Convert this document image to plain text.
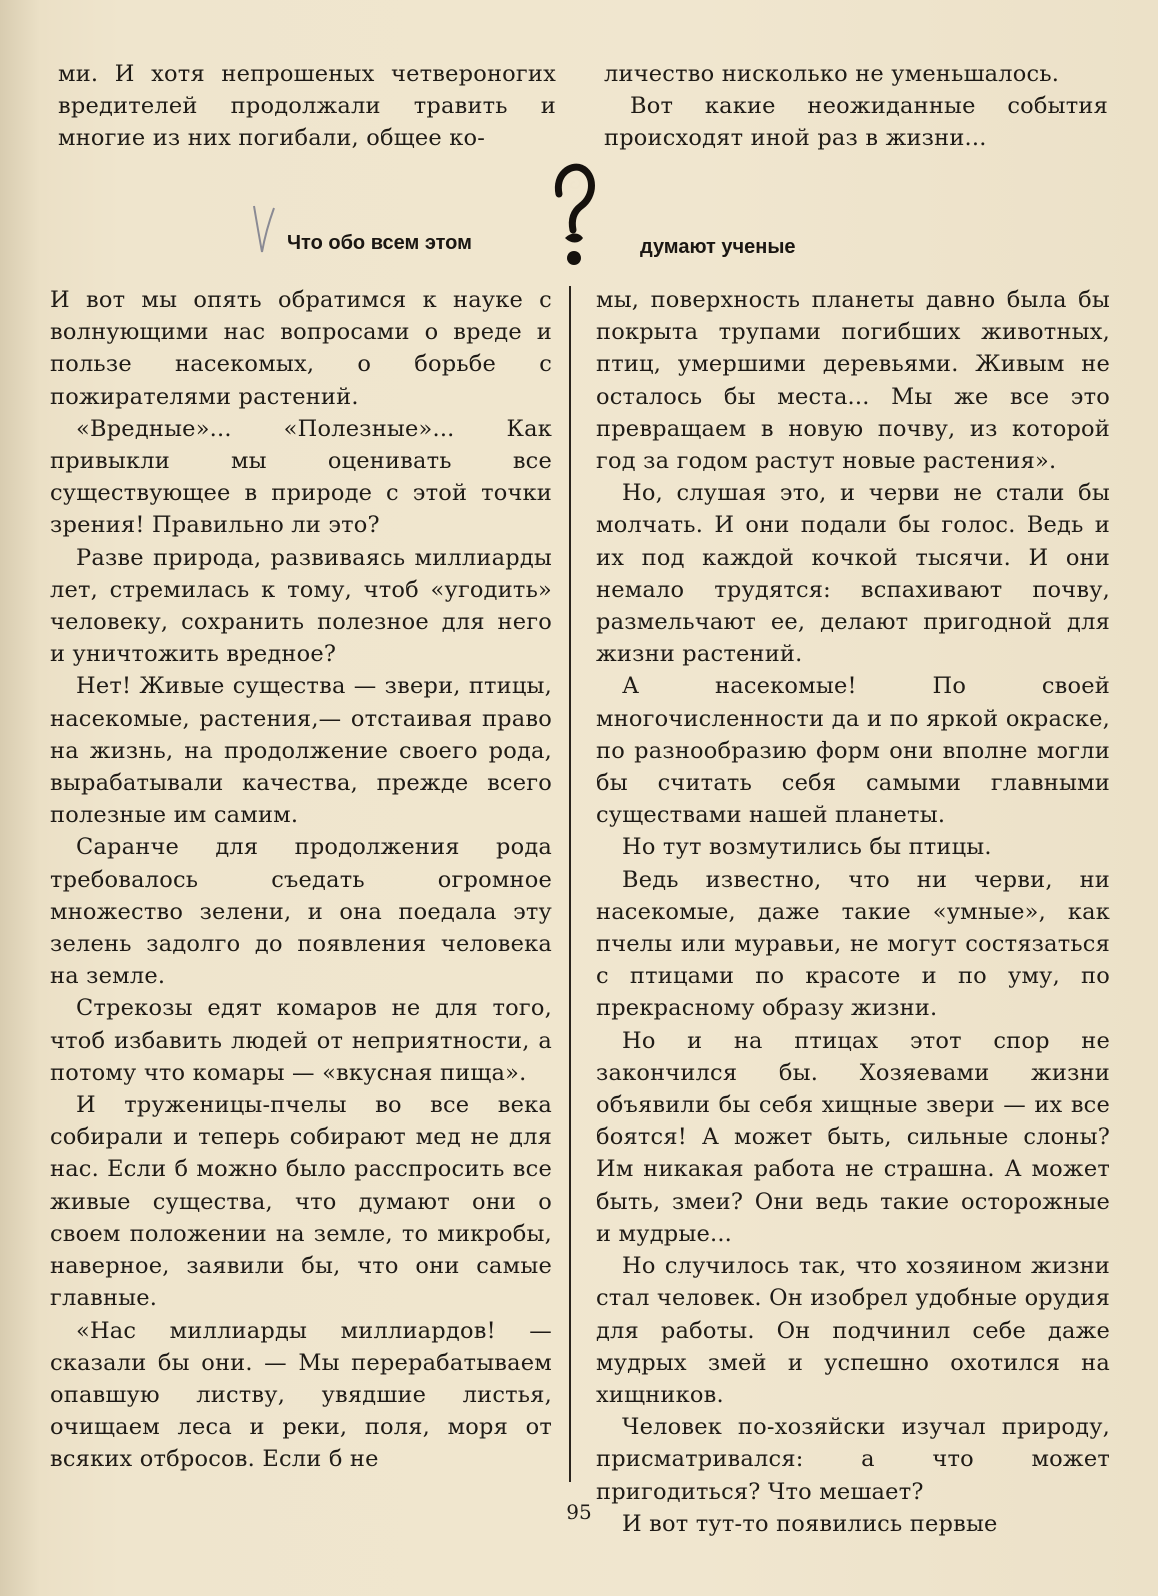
ми. И хотя непрошеных четвероногих вредителей продолжали травить и многие из них погибали, общее ко-

личество нисколько не уменьшалось.

Вот какие неожиданные события происходят иной раз в жизни...

Что обо всем этом	думают ученые

И вот мы опять обратимся к науке с волнующими нас вопросами о вреде и пользе насекомых, о борьбе с пожирателями растений.

«Вредные»... «Полезные»... Как привыкли мы оценивать все существующее в природе с этой точки зрения! Правильно ли это?

Разве природа, развиваясь миллиарды лет, стремилась к тому, чтоб «угодить» человеку, сохранить полезное для него и уничтожить вредное?

Нет! Живые существа — звери, птицы, насекомые, растения,— отстаивая право на жизнь, на продолжение своего рода, вырабатывали качества, прежде всего полезные им самим.

Саранче для продолжения рода требовалось съедать огромное множество зелени, и она поедала эту зелень задолго до появления человека на земле.

Стрекозы едят комаров не для того, чтоб избавить людей от неприятности, а потому что комары — «вкусная пища».

И труженицы-пчелы во все века собирали и теперь собирают мед не для нас. Если б можно было расспросить все живые существа, что думают они о своем положении на земле, то микробы, наверное, заявили бы, что они самые главные.

«Нас миллиарды миллиардов! — сказали бы они. — Мы перерабатываем опавшую листву, увядшие листья, очищаем леса и реки, поля, моря от всяких отбросов. Если б не

мы, поверхность планеты давно была бы покрыта трупами погибших животных, птиц, умершими деревьями. Живым не осталось бы места... Мы же все это превращаем в новую почву, из которой год за годом растут новые растения».

Но, слушая это, и черви не стали бы молчать. И они подали бы голос. Ведь и их под каждой кочкой тысячи. И они немало трудятся: вспахивают почву, размельчают ее, делают пригодной для жизни растений.

А насекомые! По своей многочисленности да и по яркой окраске, по разнообразию форм они вполне могли бы считать себя самыми главными существами нашей планеты.

Но тут возмутились бы птицы.

Ведь известно, что ни черви, ни насекомые, даже такие «умные», как пчелы или муравьи, не могут состязаться с птицами по красоте и по уму, по прекрасному образу жизни.

Но и на птицах этот спор не закончился бы. Хозяевами жизни объявили бы себя хищные звери — их все боятся! А может быть, сильные слоны? Им никакая работа не страшна. А может быть, змеи? Они ведь такие осторожные и мудрые...

Но случилось так, что хозяином жизни стал человек. Он изобрел удобные орудия для работы. Он подчинил себе даже мудрых змей и успешно охотился на хищников.

Человек по-хозяйски изучал природу, присматривался: а что может пригодиться? Что мешает?

И вот тут-то появились первые

95
